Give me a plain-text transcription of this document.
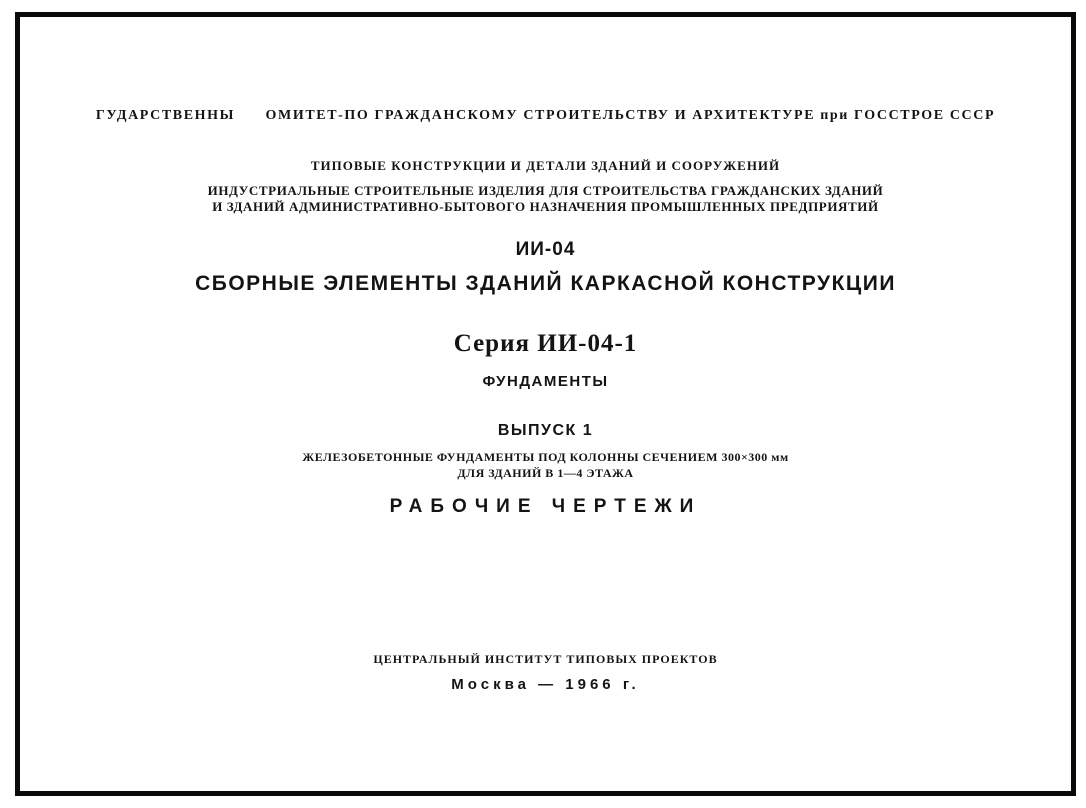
ГУДАРСТВЕННЫ      ОМИТЕТ-ПО ГРАЖДАНСКОМУ СТРОИТЕЛЬСТВУ И АРХИТЕКТУРЕ при ГОССТРОЕ СССР
ТИПОВЫЕ КОНСТРУКЦИИ И ДЕТАЛИ ЗДАНИЙ И СООРУЖЕНИЙ
ИНДУСТРИАЛЬНЫЕ СТРОИТЕЛЬНЫЕ ИЗДЕЛИЯ ДЛЯ СТРОИТЕЛЬСТВА ГРАЖДАНСКИХ ЗДАНИЙ
И ЗДАНИЙ АДМИНИСТРАТИВНО-БЫТОВОГО НАЗНАЧЕНИЯ ПРОМЫШЛЕННЫХ ПРЕДПРИЯТИЙ
ИИ-04
СБОРНЫЕ ЭЛЕМЕНТЫ ЗДАНИЙ КАРКАСНОЙ КОНСТРУКЦИИ
Серия ИИ-04-1
ФУНДАМЕНТЫ
ВЫПУСК 1
ЖЕЛЕЗОБЕТОННЫЕ ФУНДАМЕНТЫ ПОД КОЛОННЫ СЕЧЕНИЕМ 300×300 мм
ДЛЯ ЗДАНИЙ В 1—4 ЭТАЖА
РАБОЧИЕ ЧЕРТЕЖИ
ЦЕНТРАЛЬНЫЙ ИНСТИТУТ ТИПОВЫХ ПРОЕКТОВ
Москва — 1966 г.
